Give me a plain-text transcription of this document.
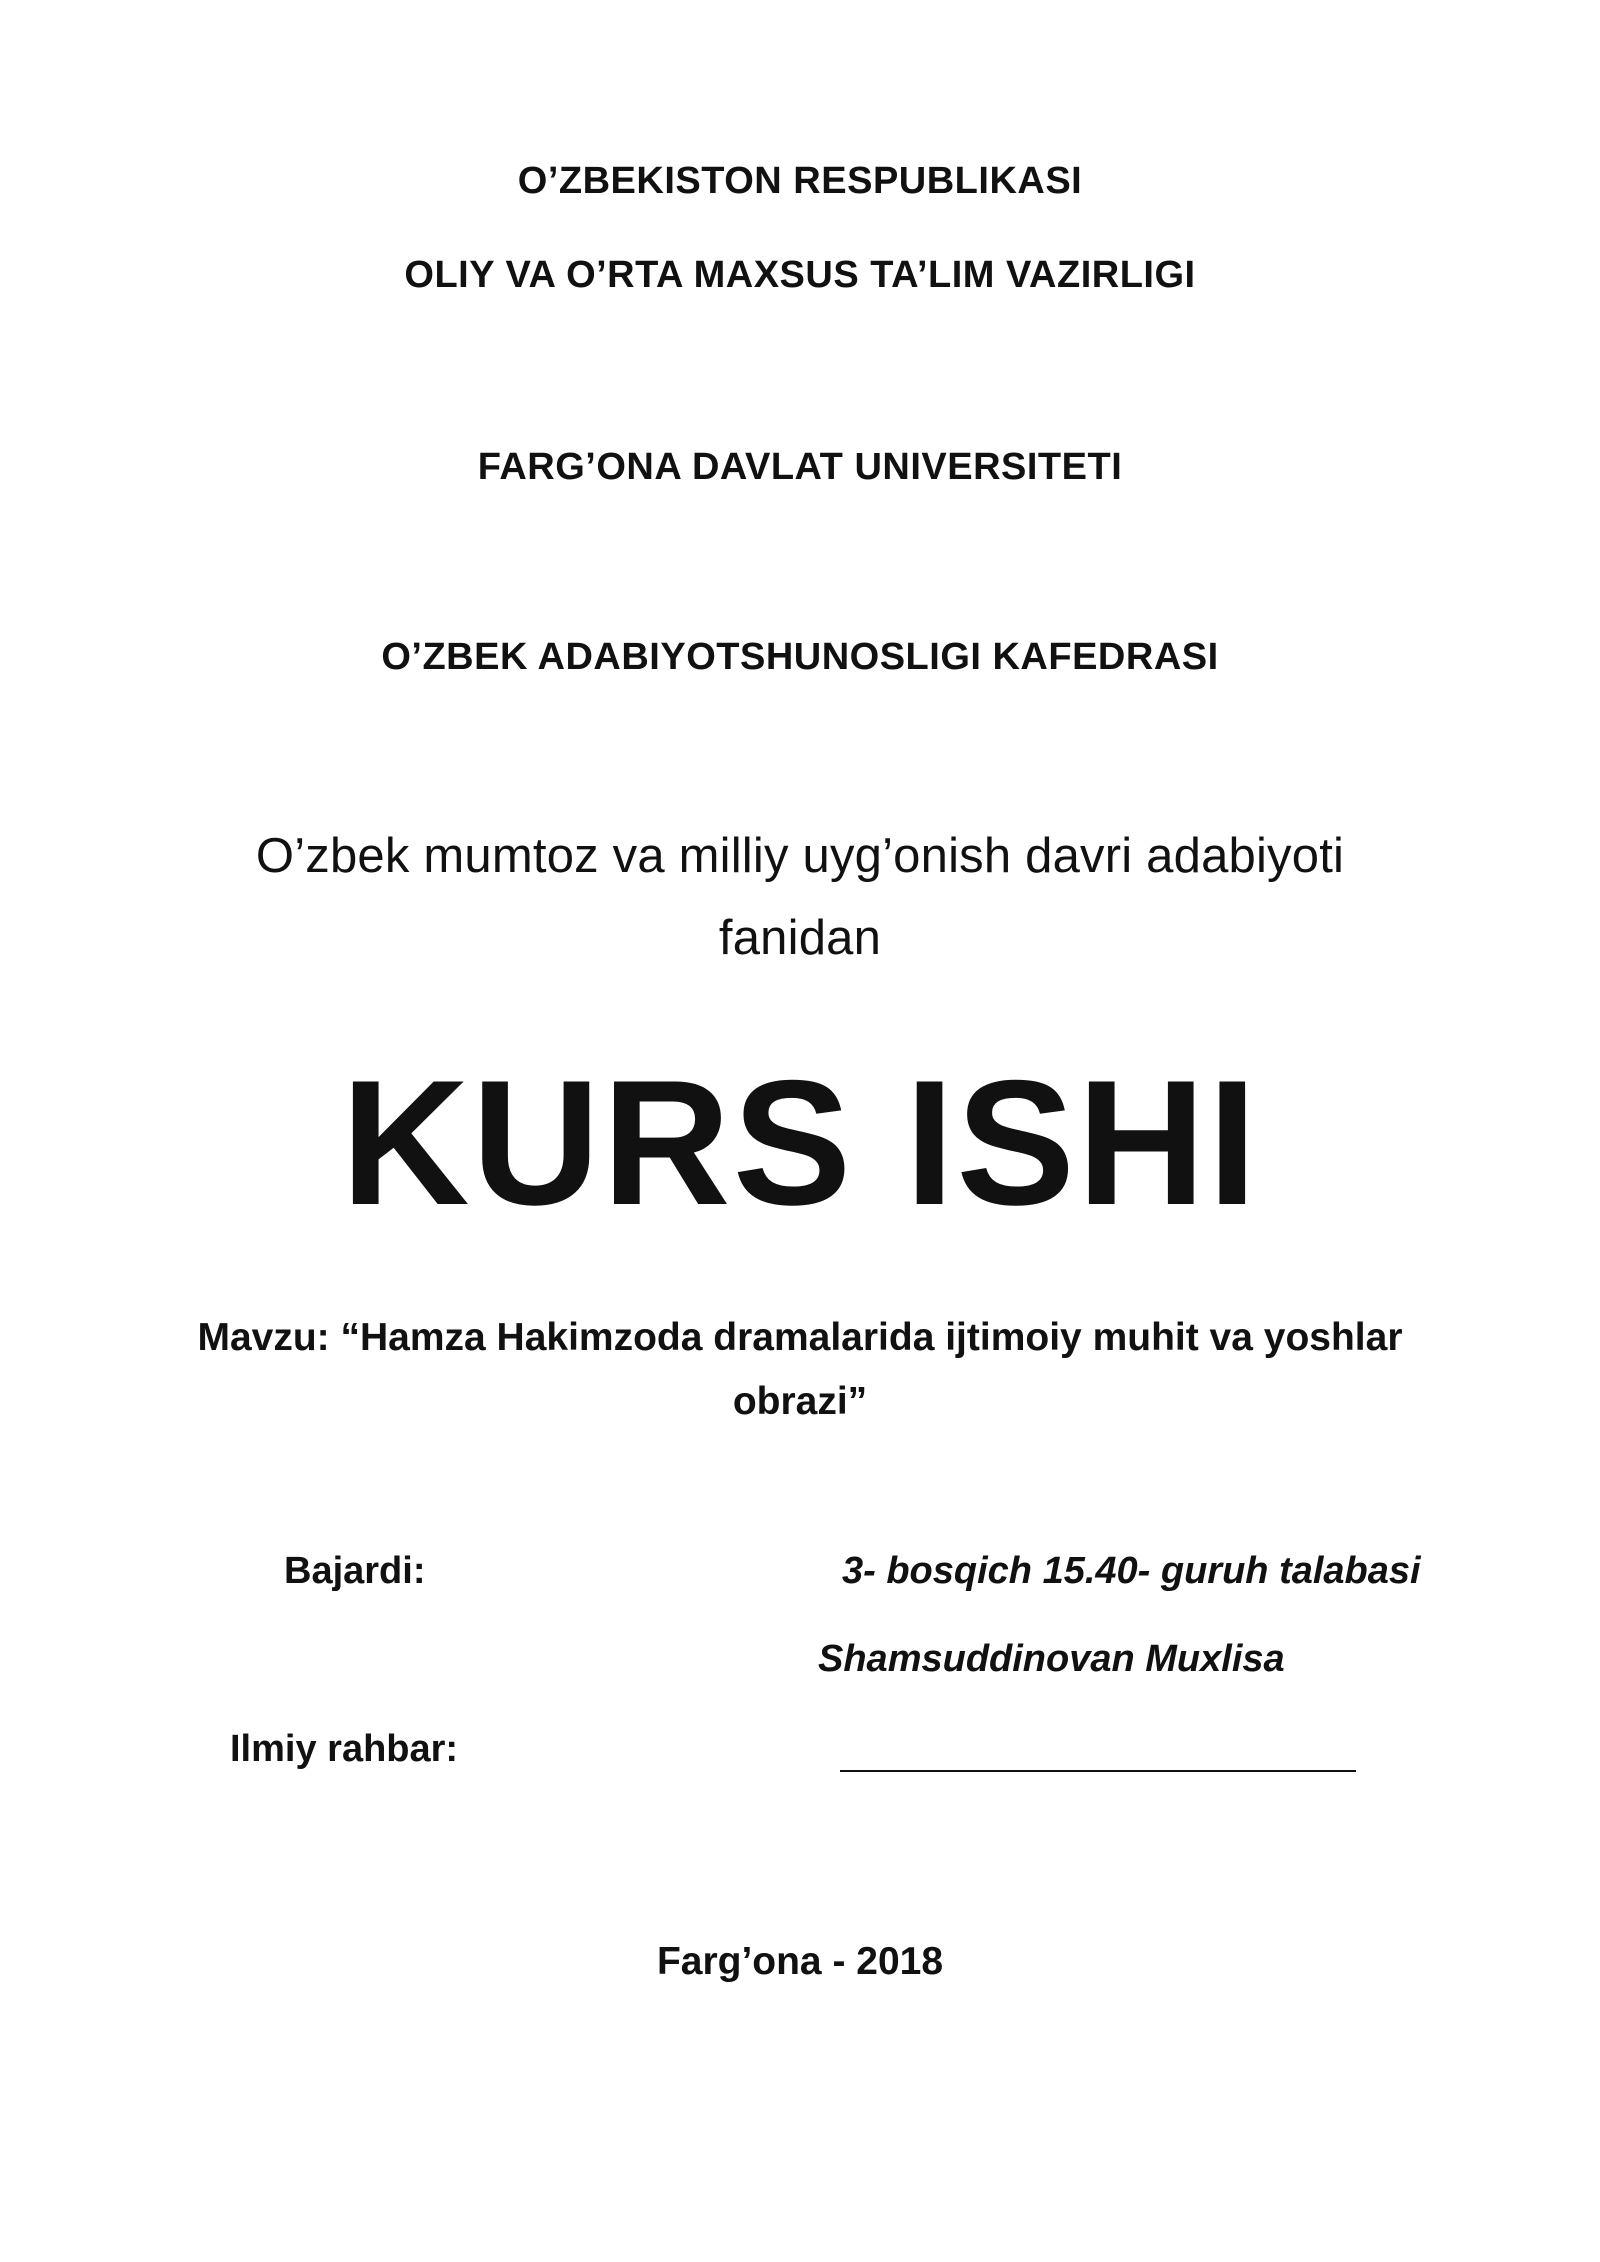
O’ZBEKISTON RESPUBLIKASI
OLIY VA O’RTA MAXSUS TA’LIM VAZIRLIGI
FARG’ONA DAVLAT UNIVERSITETI
O’ZBEK ADABIYOTSHUNOSLIGI KAFEDRASI
O’zbek mumtoz va milliy uyg’onish davri adabiyoti
fanidan
KURS ISHI
Mavzu: “Hamza Hakimzoda dramalarida ijtimoiy muhit va yoshlar
obrazi”
Bajardi:	3- bosqich 15.40- guruh talabasi
Shamsuddinovan Muxlisa
Ilmiy rahbar:
Farg’ona - 2018
